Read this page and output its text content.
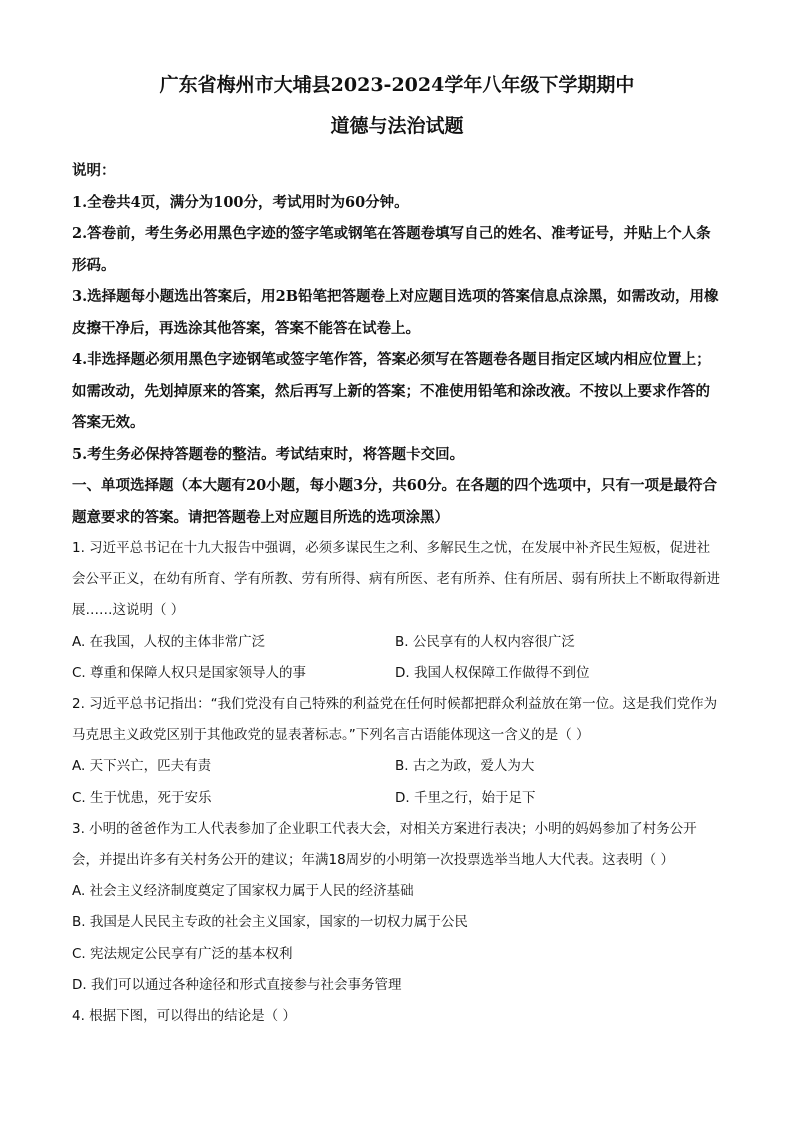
广东省梅州市大埔县2023-2024学年八年级下学期期中
道德与法治试题

说明：

1.全卷共4页，满分为100分，考试用时为60分钟。

2.答卷前，考生务必用黑色字迹的签字笔或钢笔在答题卷填写自己的姓名、准考证号，并贴上个人条形码。

3.选择题每小题选出答案后，用2B铅笔把答题卷上对应题目选项的答案信息点涂黑，如需改动，用橡皮擦干净后，再选涂其他答案，答案不能答在试卷上。

4.非选择题必须用黑色字迹钢笔或签字笔作答，答案必须写在答题卷各题目指定区域内相应位置上；如需改动，先划掉原来的答案，然后再写上新的答案；不准使用铅笔和涂改液。不按以上要求作答的答案无效。

5.考生务必保持答题卷的整洁。考试结束时，将答题卡交回。

一、单项选择题（本大题有20小题，每小题3分，共60分。在各题的四个选项中，只有一项是最符合题意要求的答案。请把答题卷上对应题目所选的选项涂黑）

1. 习近平总书记在十九大报告中强调，必须多谋民生之利、多解民生之忧，在发展中补齐民生短板，促进社会公平正义，在幼有所育、学有所教、劳有所得、病有所医、老有所养、住有所居、弱有所扶上不断取得新进展……这说明（ ）

A. 在我国，人权的主体非常广泛	B. 公民享有的人权内容很广泛
C. 尊重和保障人权只是国家领导人的事	D. 我国人权保障工作做得不到位

2. 习近平总书记指出：“我们党没有自己特殊的利益党在任何时候都把群众利益放在第一位。这是我们党作为马克思主义政党区别于其他政党的显表著标志。”下列名言古语能体现这一含义的是（ ）

A. 天下兴亡，匹夫有责	B. 古之为政，爱人为大
C. 生于忧患，死于安乐	D. 千里之行，始于足下

3. 小明的爸爸作为工人代表参加了企业职工代表大会，对相关方案进行表决；小明的妈妈参加了村务公开会，并提出许多有关村务公开的建议；年满18周岁的小明第一次投票选举当地人大代表。这表明（ ）

A. 社会主义经济制度奠定了国家权力属于人民的经济基础
B. 我国是人民民主专政的社会主义国家，国家的一切权力属于公民
C. 宪法规定公民享有广泛的基本权利
D. 我们可以通过各种途径和形式直接参与社会事务管理

4. 根据下图，可以得出的结论是（ ）
